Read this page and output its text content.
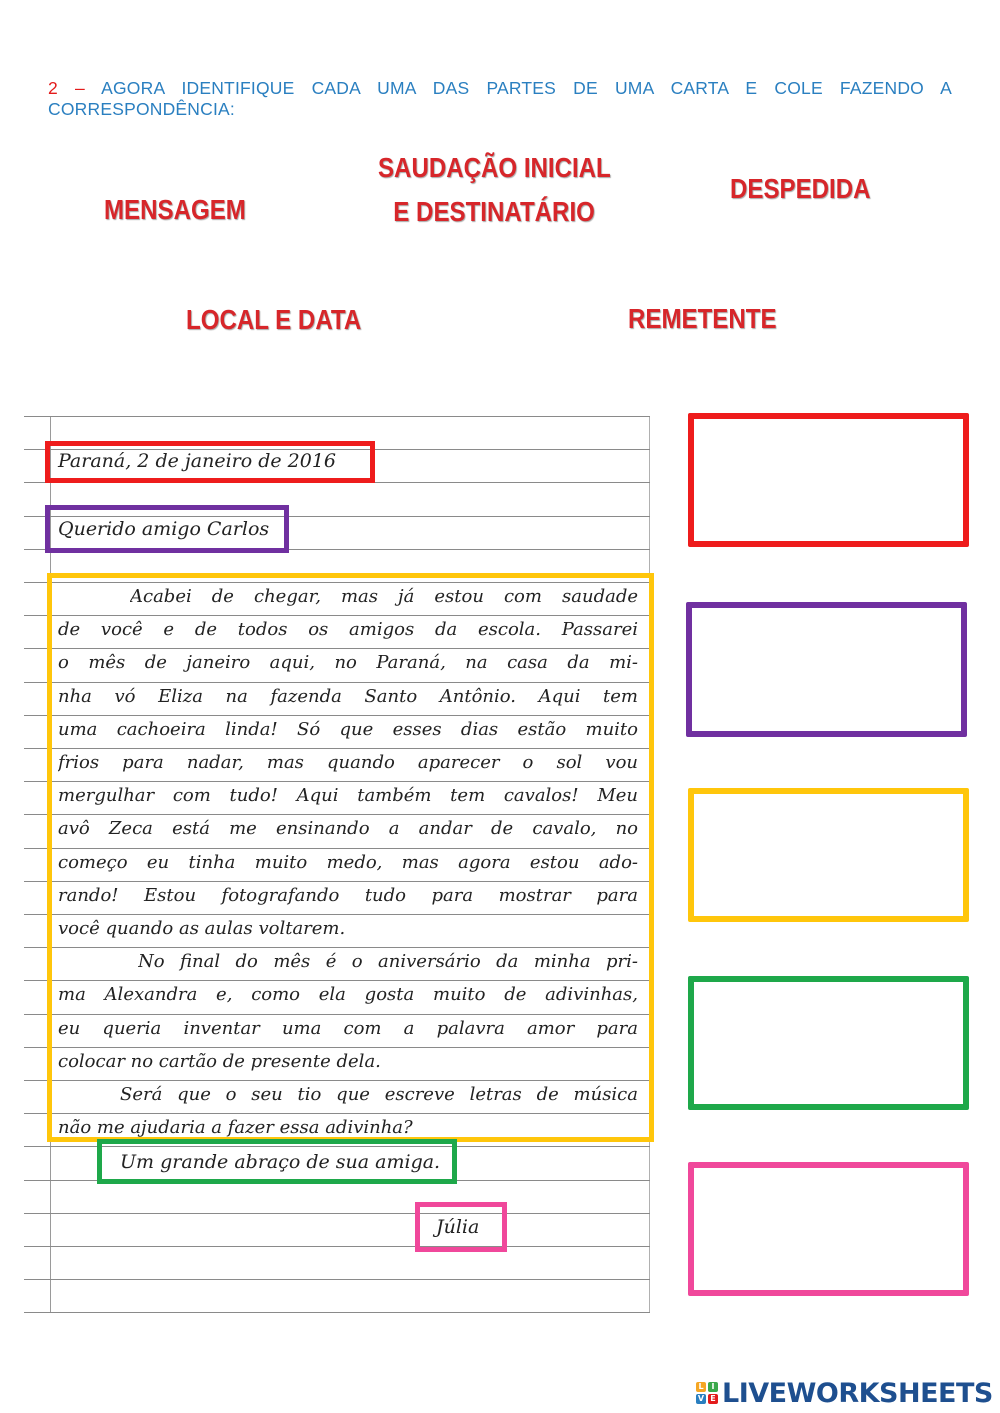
2 – AGORA IDENTIFIQUE CADA UMA DAS PARTES DE UMA CARTA E COLE FAZENDO A CORRESPONDÊNCIA:
MENSAGEM
SAUDAÇÃO INICIAL
E DESTINATÁRIO
DESPEDIDA
LOCAL E DATA	REMETENTE
Paraná, 2 de janeiro de 2016
Querido amigo Carlos
Acabei de chegar, mas já estou com saudade
de você e de todos os amigos da escola. Passarei
o mês de janeiro aqui, no Paraná, na casa da mi-
nha vó Eliza na fazenda Santo Antônio. Aqui tem
uma cachoeira linda! Só que esses dias estão muito
frios para nadar, mas quando aparecer o sol vou
mergulhar com tudo! Aqui também tem cavalos! Meu
avô Zeca está me ensinando a andar de cavalo, no
começo eu tinha muito medo, mas agora estou ado-
rando! Estou fotografando tudo para mostrar para
você quando as aulas voltarem.
No final do mês é o aniversário da minha pri-
ma Alexandra e, como ela gosta muito de adivinhas,
eu queria inventar uma com a palavra amor para
colocar no cartão de presente dela.
Será que o seu tio que escreve letras de música
não me ajudaria a fazer essa adivinha?
Um grande abraço de sua amiga.
Júlia
L I
V E LIVEWORKSHEETS
